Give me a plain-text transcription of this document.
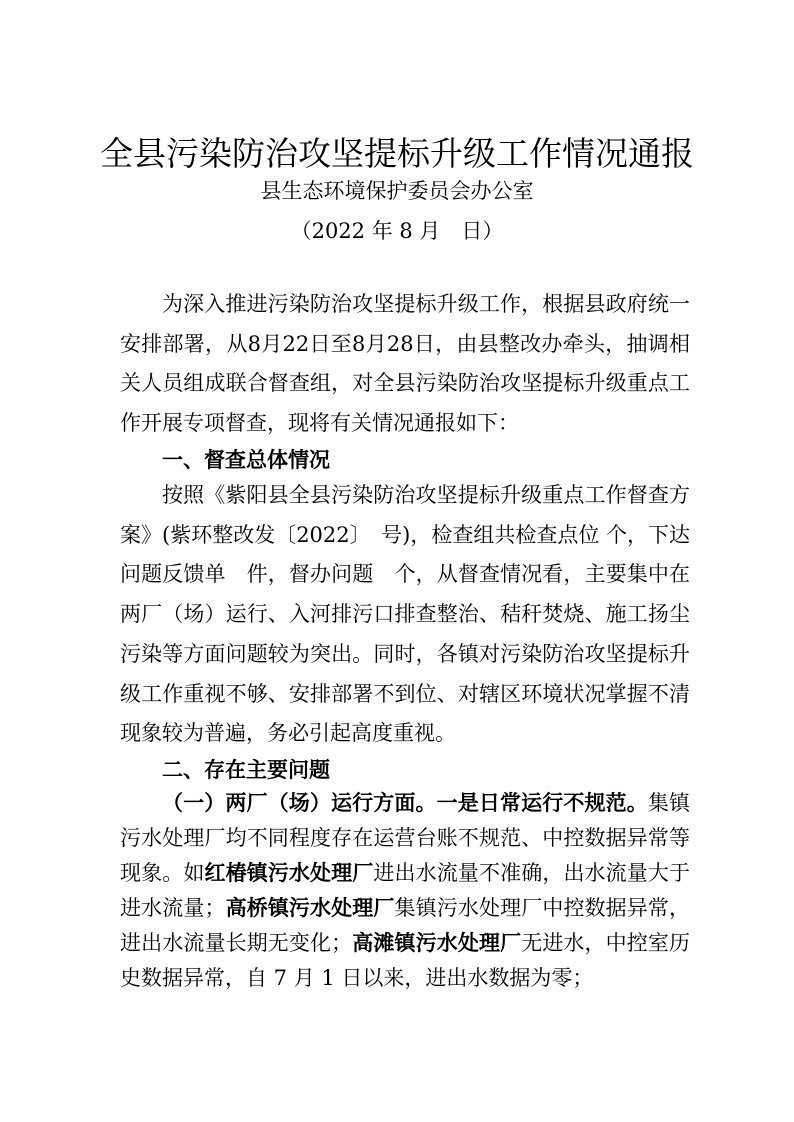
全县污染防治攻坚提标升级工作情况通报
县生态环境保护委员会办公室
（2022 年 8 月　日）
为深入推进污染防治攻坚提标升级工作，根据县政府统一安排部署，从8月22日至8月28日，由县整改办牵头，抽调相关人员组成联合督查组，对全县污染防治攻坚提标升级重点工作开展专项督查，现将有关情况通报如下：
一、督查总体情况
按照《紫阳县全县污染防治攻坚提标升级重点工作督查方案》(紫环整改发〔2022〕　号)，检查组共检查点位 个，下达问题反馈单　件，督办问题　个，从督查情况看，主要集中在两厂（场）运行、入河排污口排查整治、秸秆焚烧、施工扬尘污染等方面问题较为突出。同时，各镇对污染防治攻坚提标升级工作重视不够、安排部署不到位、对辖区环境状况掌握不清现象较为普遍，务必引起高度重视。
二、存在主要问题
（一）两厂（场）运行方面。一是日常运行不规范。集镇污水处理厂均不同程度存在运营台账不规范、中控数据异常等现象。如红椿镇污水处理厂进出水流量不准确，出水流量大于进水流量；高桥镇污水处理厂集镇污水处理厂中控数据异常，进出水流量长期无变化；高滩镇污水处理厂无进水，中控室历史数据异常，自 7 月 1 日以来，进出水数据为零；
